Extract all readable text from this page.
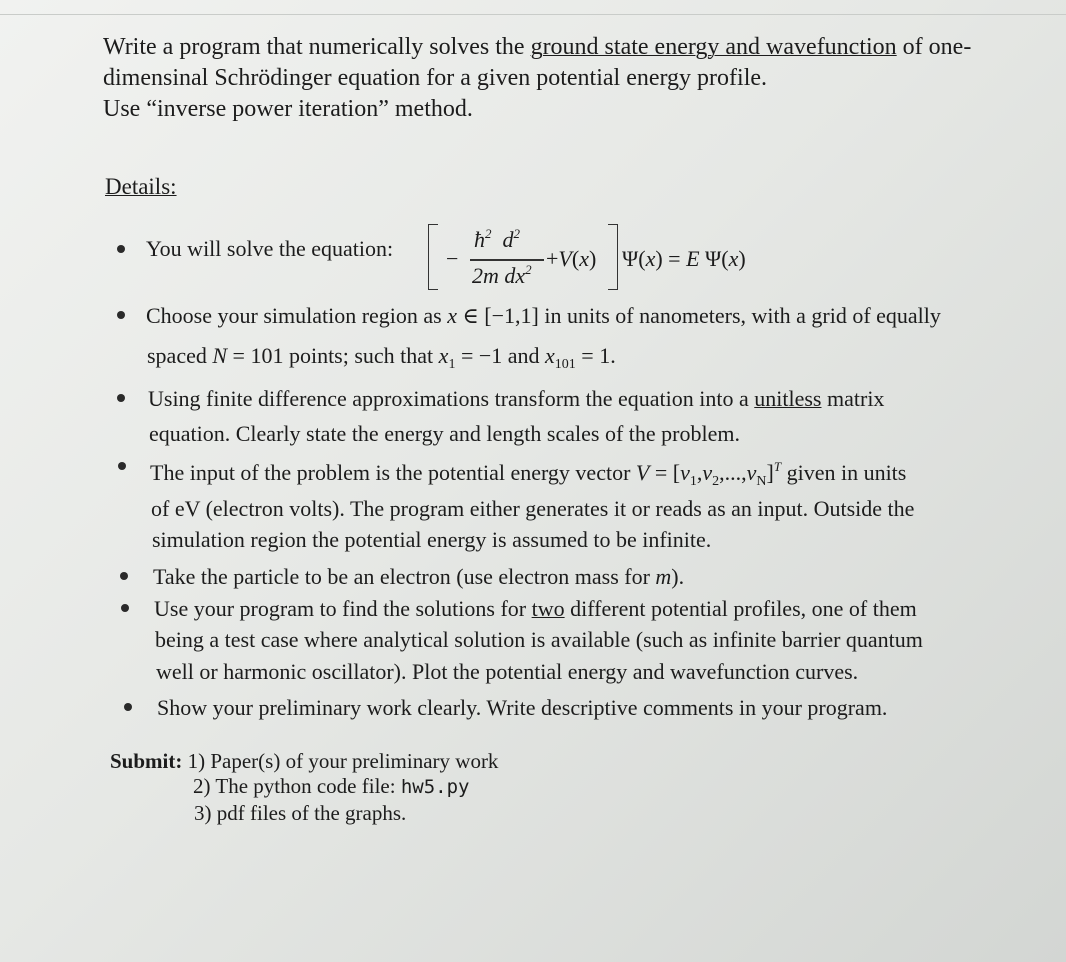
Write a program that numerically solves the ground state energy and wavefunction of one-
dimensinal Schrödinger equation for a given potential energy profile.
Use “inverse power iteration” method.
Details:
You will solve the equation: −
$ħ^2$  $d^2$
2m $dx^2 +V(x) \Psi(x) = E$ Ψ(x)
Choose your simulation region as x ∈ [−1,1] in units of nanometers, with a grid of equally
spaced N = 101 points; such that $x_1 = -1$ and $x_{101} = 1$.
Using finite difference approximations transform the equation into a unitless matrix
equation. Clearly state the energy and length scales of the problem.
The input of the problem is the potential energy vector $V = [v_1,v_2,...,v_N]^T$ given in units
of eV (electron volts). The program either generates it or reads as an input. Outside the
simulation region the potential energy is assumed to be infinite.
Take the particle to be an electron (use electron mass for m).
Use your program to find the solutions for two different potential profiles, one of them
being a test case where analytical solution is available (such as infinite barrier quantum
well or harmonic oscillator). Plot the potential energy and wavefunction curves.
Show your preliminary work clearly. Write descriptive comments in your program.
Submit: 1) Paper(s) of your preliminary work
2) The python code file: hw5.py
3) pdf files of the graphs.
